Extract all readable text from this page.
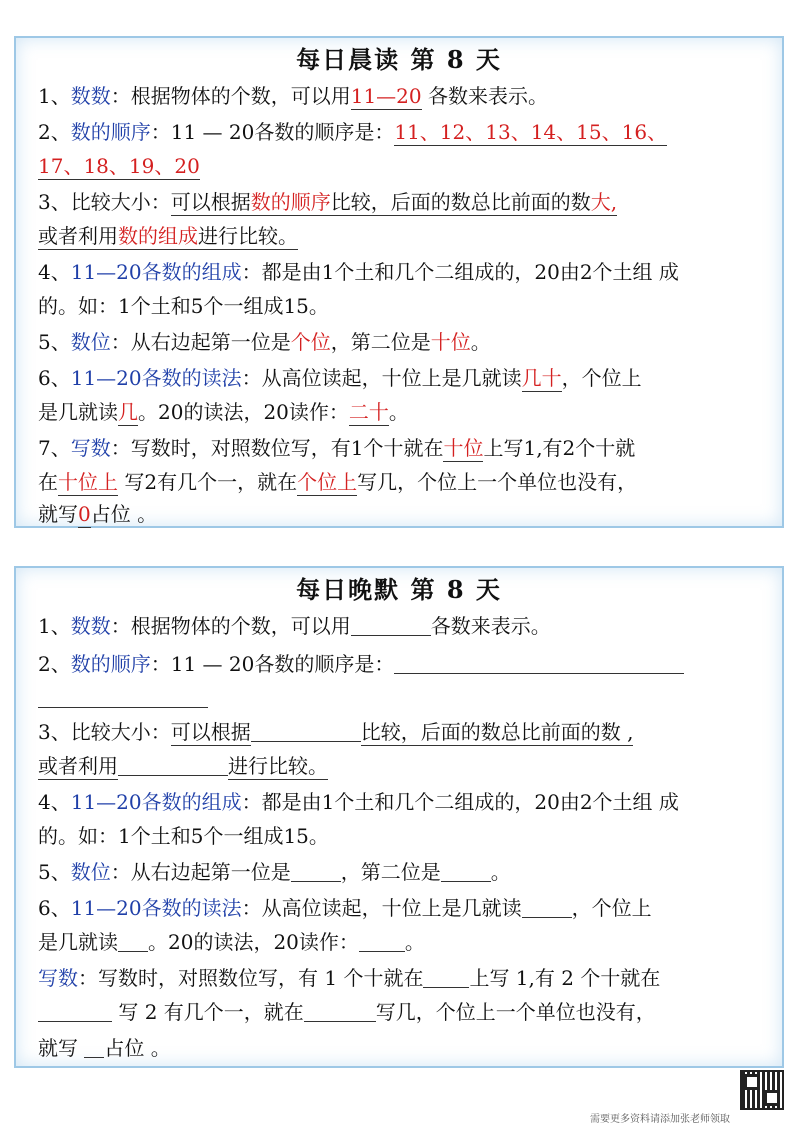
每日晨读 第 8 天
1、数数：根据物体的个数，可以用11—20 各数来表示。
2、数的顺序：11 — 20各数的顺序是：11、12、13、14、15、16、
17、18、19、20
3、比较大小：可以根据数的顺序比较，后面的数总比前面的数大,
或者利用数的组成进行比较。
4、11—20各数的组成：都是由1个土和几个二组成的，20由2个土组 成
的。如：1个土和5个一组成15。
5、数位：从右边起第一位是个位，第二位是十位。
6、11—20各数的读法：从高位读起，十位上是几就读几十，个位上
是几就读几。20的读法，20读作：二十。
7、写数：写数时，对照数位写，有1个十就在十位上写1,有2个十就
在十位上 写2有几个一，就在个位上写几，个位上一个单位也没有，
就写0占位 。
每日晚默 第 8 天
1、数数：根据物体的个数，可以用	各数来表示。
2、数的顺序：11 — 20各数的顺序是：
3、比较大小：可以根据	比较，后面的数总比前面的数 ,
或者利用	进行比较。
4、11—20各数的组成：都是由1个土和几个二组成的，20由2个土组 成
的。如：1个土和5个一组成15。
5、数位：从右边起第一位是	，第二位是	。
6、11—20各数的读法：从高位读起，十位上是几就读	，个位上
是几就读 。20的读法，20读作： 。
写数：写数时，对照数位写，有 1 个十就在 上写 1,有 2 个十就在
写 2 有几个一，就在	写几，个位上一个单位也没有，
就写 占位 。
需要更多资料请添加张老师领取
